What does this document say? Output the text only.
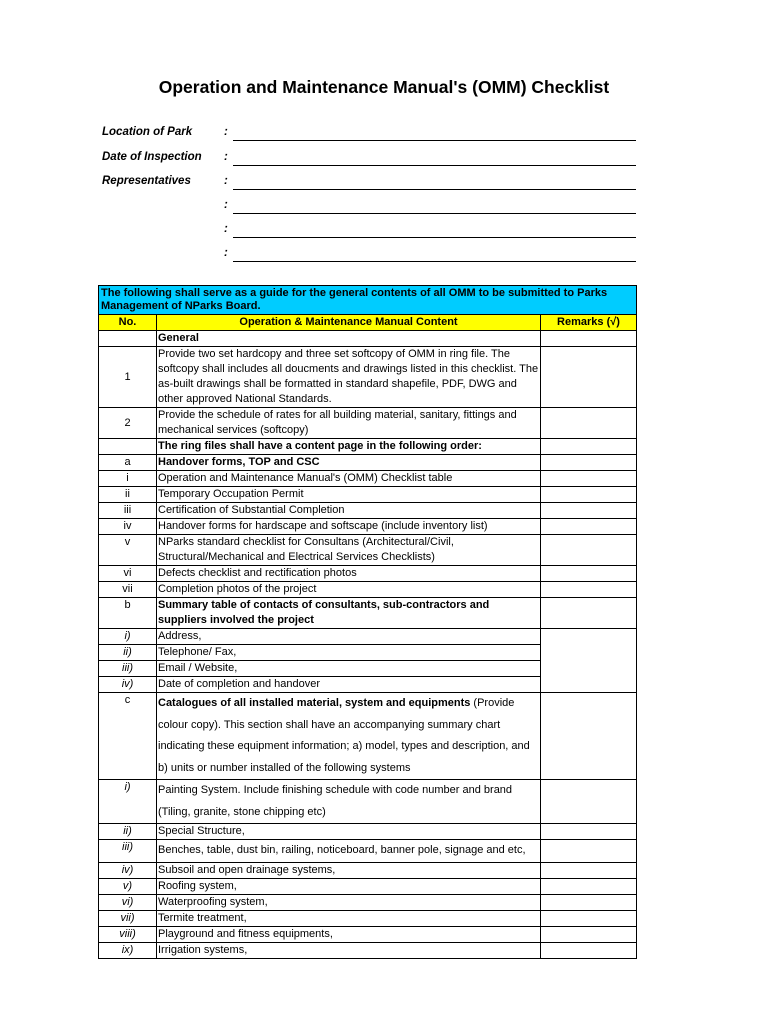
Operation and Maintenance Manual's (OMM) Checklist
Location of Park	:
Date of Inspection :
Representatives	:
:
:
:
The following shall serve as a guide for the general contents of all OMM to be submitted to Parks Management of NParks Board.		
No.	Operation & Maintenance Manual Content	Remarks (√)
	General	
1	Provide two set hardcopy and three set softcopy of OMM in ring file. The softcopy shall includes all doucments and drawings listed in this checklist. The as-built drawings shall be formatted in standard shapefile, PDF, DWG and other approved National Standards.	
2	Provide the schedule of rates for all building material, sanitary, fittings and mechanical services (softcopy)	
	The ring files shall have a content page in the following order:	
a	Handover forms, TOP and CSC	
i	Operation and Maintenance Manual's (OMM) Checklist table	
ii	Temporary Occupation Permit	
iii	Certification of Substantial Completion	
iv	Handover forms for hardscape and softscape (include inventory list)	
v	NParks standard checklist for Consultans (Architectural/Civil, Structural/Mechanical and Electrical Services Checklists)	
vi	Defects checklist and rectification photos	
vii	Completion photos of the project	
b	Summary table of contacts of consultants, sub-contractors and suppliers involved the project	
i)	Address,	
ii)	Telephone/ Fax,	
iii)	Email / Website,	
iv)	Date of completion and handover	
c	Catalogues of all installed material, system and equipments (Provide colour copy). This section shall have an accompanying summary chart indicating these equipment information; a) model, types and description, and b) units or number installed of the following systems	
i)	Painting System. Include finishing schedule with code number and brand (Tiling, granite, stone chipping etc)	
ii)	Special Structure,	
iii)	Benches, table, dust bin, railing, noticeboard, banner pole, signage and etc,	
iv)	Subsoil and open drainage systems,	
v)	Roofing system,	
vi)	Waterproofing system,	
vii)	Termite treatment,	
viii)	Playground and fitness equipments,	
ix)	Irrigation systems,	
